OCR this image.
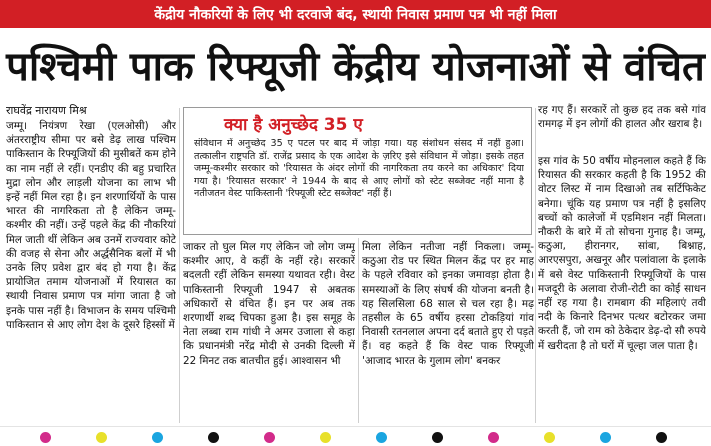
केंद्रीय नौकरियों के लिए भी दरवाजे बंद, स्थायी निवास प्रमाण पत्र भी नहीं मिला
पश्चिमी पाक रिफ्यूजी केंद्रीय योजनाओं से वंचित
राघवेंद्र नारायण मिश्र

जम्मू। नियंत्रण रेखा (एलओसी) और अंतरराष्ट्रीय सीमा पर बसे डेढ़ लाख पश्चिम पाकिस्तान के रिफ्यूजियों की मुसीबतें कम होने का नाम नहीं ले रहीं। एनडीए की बहु प्रचारित मुद्रा लोन और लाड़ली योजना का लाभ भी इन्हें नहीं मिल रहा है। इन शरणार्थियों के पास भारत की नागरिकता तो है लेकिन जम्मू-कश्मीर की नहीं। उन्हें पहले केंद्र की नौकरियां मिल जाती थीं लेकिन अब उनमें राज्यवार कोटे की वजह से सेना और अर्द्धसैनिक बलों में भी उनके लिए प्रवेश द्वार बंद हो गया है। केंद्र प्रायोजित तमाम योजनाओं में रियासत का स्थायी निवास प्रमाण पत्र मांगा जाता है जो इनके पास नहीं है। विभाजन के समय पश्चिमी पाकिस्तान से आए लोग देश के दूसरे हिस्सों में

क्या है अनुच्छेद 35 ए
संविधान में अनुच्छेद 35 ए पटल पर बाद में जोड़ा गया। यह संशोधन संसद में नहीं हुआ। तत्कालीन राष्ट्रपति डॉ. राजेंद्र प्रसाद के एक आदेश के ज़रिए इसे संविधान में जोड़ा। इसके तहत जम्मू-कश्मीर सरकार को 'रियासत के अंदर लोगों की नागरिकता तय करने का अधिकार' दिया गया है। 'रियासत सरकार' ने 1944 के बाद से आए लोगों को स्टेट सब्जेक्ट नहीं माना है नतीजतन वेस्ट पाकिस्तानी 'रिफ्यूजी स्टेट सब्जेक्ट' नहीं हैं।

जाकर तो घुल मिल गए लेकिन जो लोग जम्मू कश्मीर आए, वे कहीं के नहीं रहे। सरकारें बदलती रहीं लेकिन समस्या यथावत रही। वेस्ट पाकिस्तानी रिफ्यूजी 1947 से अबतक अधिकारों से वंचित हैं। इन पर अब तक शरणार्थी शब्द चिपका हुआ है। इस समूह के नेता लब्बा राम गांधी ने अमर उजाला से कहा कि प्रधानमंत्री नरेंद्र मोदी से उनकी दिल्ली में 22 मिनट तक बातचीत हुई। आश्वासन भी

मिला लेकिन नतीजा नहीं निकला। जम्मू-कठुआ रोड पर स्थित मिलन केंद्र पर हर माह के पहले रविवार को इनका जमावड़ा होता है। समस्याओं के लिए संघर्ष की योजना बनती है। यह सिलसिला 68 साल से चल रहा है। मढ़ तहसील के 65 वर्षीय हरसा टोकड़ियां गांव निवासी रतनलाल अपना दर्द बताते हुए रो पड़ते हैं। वह कहते हैं कि वेस्ट पाक रिफ्यूजी 'आजाद भारत के गुलाम लोग' बनकर

रह गए हैं। सरकारें तो कुछ हद तक बसे गांव रामगढ़ में इन लोगों की हालत और खराब है।

इस गांव के 50 वर्षीय मोहनलाल कहते हैं कि रियासत की सरकार कहती है कि 1952 की वोटर लिस्ट में नाम दिखाओ तब सर्टिफिकेट बनेगा। चूंकि यह प्रमाण पत्र नहीं है इसलिए बच्चों को कालेजों में एडमिशन नहीं मिलता। नौकरी के बारे में तो सोचना गुनाह है। जम्मू, कठुआ, हीरानगर, सांबा, बिश्नाह, आरएसपुरा, अखनूर और पलांवाला के इलाके में बसे वेस्ट पाकिस्तानी रिफ्यूजियों के पास मजदूरी के अलावा रोजी-रोटी का कोई साधन नहीं रह गया है। रामबाग की महिलाएं तवी नदी के किनारे दिनभर पत्थर बटोरकर जमा करती हैं, जो राम को ठेकेदार डेढ़-दो सौ रुपये में खरीदता है तो घरों में चूल्हा जल पाता है।
